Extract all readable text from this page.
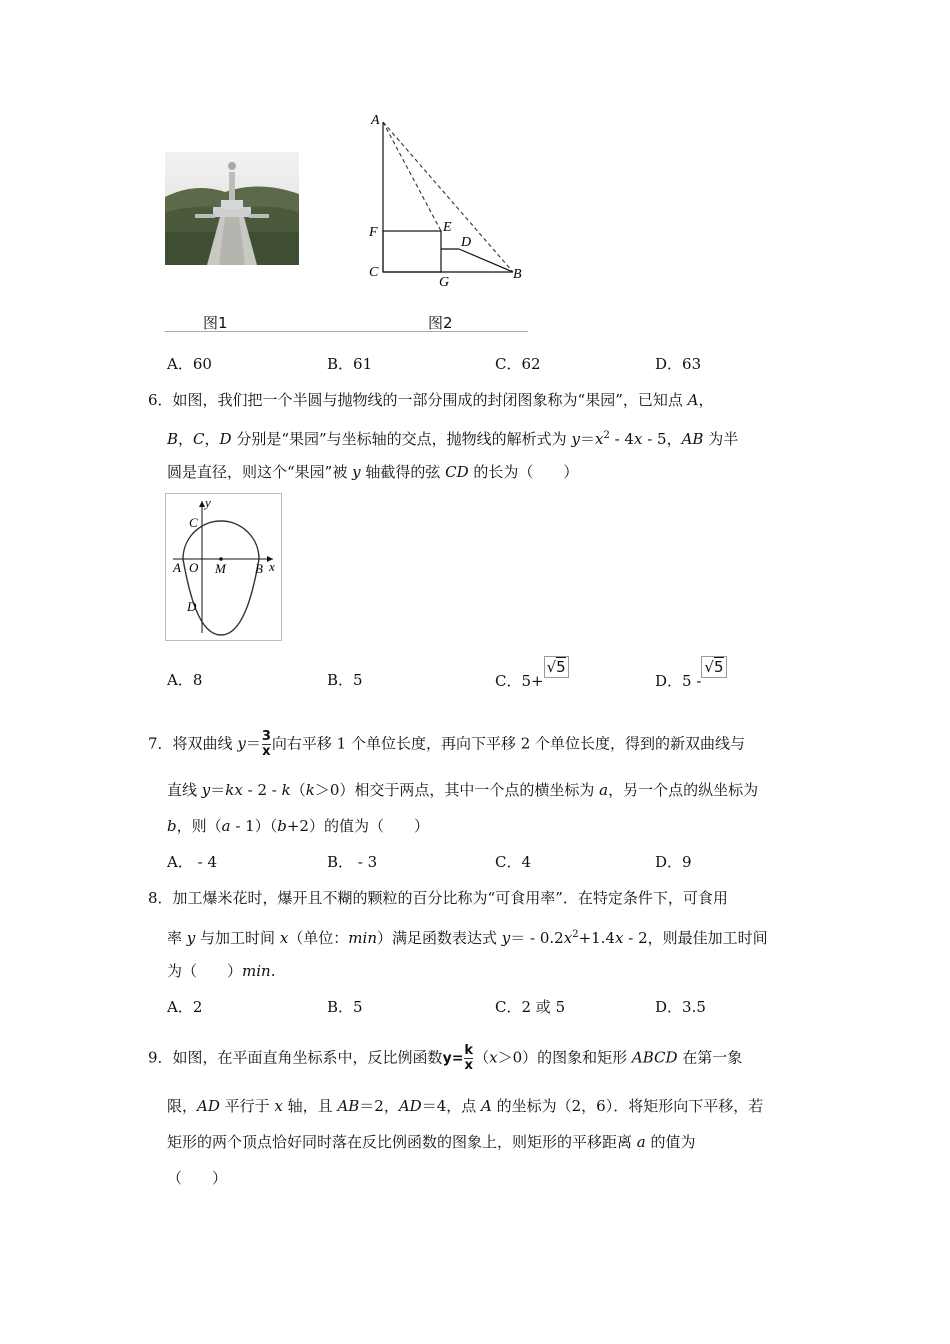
图1	图2
A
F	E
D
C
G
B
A．60	B．61	C．62	D．63
6．如图，我们把一个半圆与抛物线的一部分围成的封闭图象称为“果园”，已知点 A，
B，C，D 分别是“果园”与坐标轴的交点，抛物线的解析式为 $y=x^2 - 4x - 5$，AB 为半
圆是直径，则这个“果园”被 y 轴截得的弦 CD 的长为（　　）
y
C
A O M B x
D
A．8	B．5	C．5+√5
D．5 -√5
7．将双曲线 $y= \frac{3}{x}$ 向右平移 1 个单位长度，再向下平移 2 个单位长度，得到的新双曲线与
直线 y＝kx - 2 - k（k＞0）相交于两点，其中一个点的横坐标为 a，另一个点的纵坐标为
b，则（a - 1）（b+2）的值为（　　）
A． - 4	B． - 3	C．4	D．9
8．加工爆米花时，爆开且不糊的颗粒的百分比称为“可食用率”．在特定条件下，可食用
率 y 与加工时间 x（单位：min）满足函数表达式 $y= - 0.2x^2+1.4x - 2$，则最佳加工时间
为（　　）min.
A．2	B．5	C．2 或 5	D．3.5
9．如图，在平面直角坐标系中，反比例函数$y= \frac{k}{x} (x>0)$的图象和矩形 ABCD 在第一象
限，AD 平行于 x 轴，且 AB＝2，AD＝4，点 A 的坐标为（2，6）．将矩形向下平移，若
矩形的两个顶点恰好同时落在反比例函数的图象上，则矩形的平移距离 a 的值为
（　　）
